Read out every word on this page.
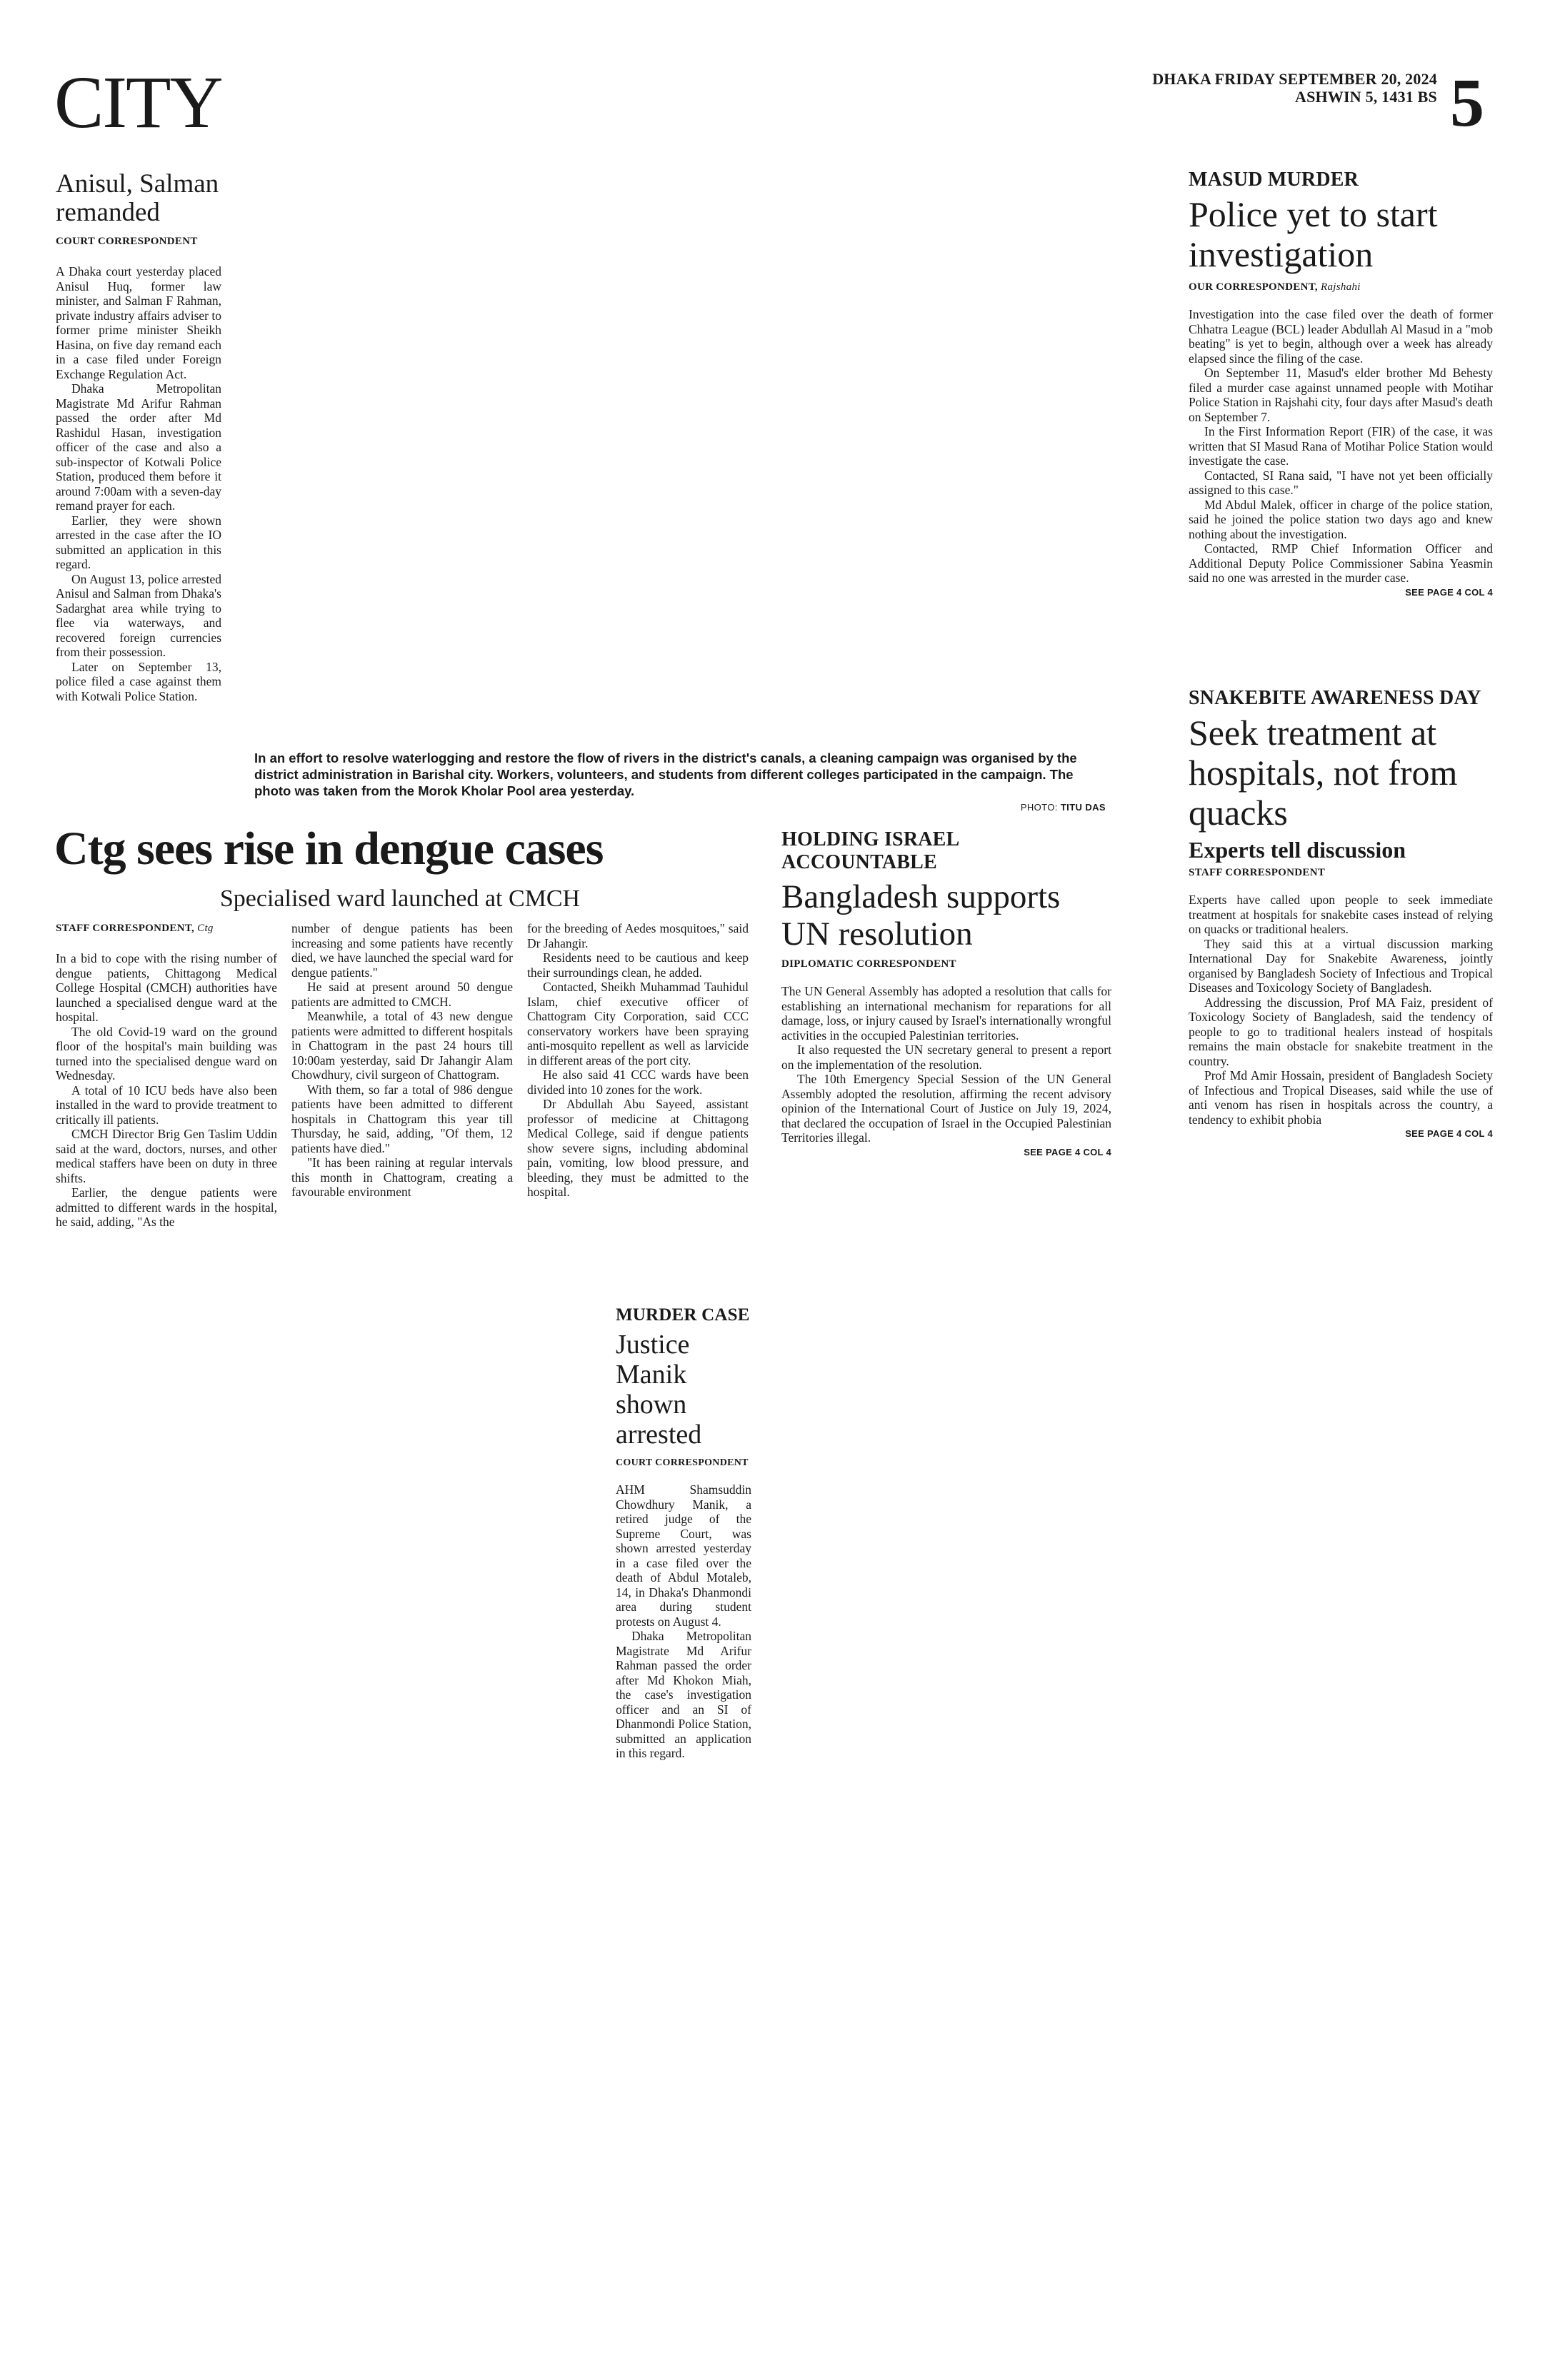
CITY	DHAKA FRIDAY SEPTEMBER 20, 2024
ASHWIN 5, 1431 BS 5
Anisul, Salman remanded
COURT CORRESPONDENT

A Dhaka court yesterday placed Anisul Huq, former law minister, and Salman F Rahman, private industry affairs adviser to former prime minister Sheikh Hasina, on five day remand each in a case filed under Foreign Exchange Regulation Act.

Dhaka Metropolitan Magistrate Md Arifur Rahman passed the order after Md Rashidul Hasan, investigation officer of the case and also a sub-inspector of Kotwali Police Station, produced them before it around 7:00am with a seven-day remand prayer for each.

Earlier, they were shown arrested in the case after the IO submitted an application in this regard.

On August 13, police arrested Anisul and Salman from Dhaka's Sadarghat area while trying to flee via waterways, and recovered foreign currencies from their possession.

Later on September 13, police filed a case against them with Kotwali Police Station.

In an effort to resolve waterlogging and restore the flow of rivers in the district's canals, a cleaning campaign was organised by the district administration in Barishal city. Workers, volunteers, and students from different colleges participated in the campaign. The photo was taken from the Morok Kholar Pool area yesterday.
PHOTO: TITU DAS
MASUD MURDER
Police yet to start investigation
OUR CORRESPONDENT, Rajshahi

Investigation into the case filed over the death of former Chhatra League (BCL) leader Abdullah Al Masud in a "mob beating" is yet to begin, although over a week has already elapsed since the filing of the case.

On September 11, Masud's elder brother Md Behesty filed a murder case against unnamed people with Motihar Police Station in Rajshahi city, four days after Masud's death on September 7.

In the First Information Report (FIR) of the case, it was written that SI Masud Rana of Motihar Police Station would investigate the case.

Contacted, SI Rana said, "I have not yet been officially assigned to this case."

Md Abdul Malek, officer in charge of the police station, said he joined the police station two days ago and knew nothing about the investigation.

Contacted, RMP Chief Information Officer and Additional Deputy Police Commissioner Sabina Yeasmin said no one was arrested in the murder case.

SEE PAGE 4 COL 4
SNAKEBITE AWARENESS DAY
Seek treatment at hospitals, not from quacks
Experts tell discussion
STAFF CORRESPONDENT

Experts have called upon people to seek immediate treatment at hospitals for snakebite cases instead of relying on quacks or traditional healers.

They said this at a virtual discussion marking International Day for Snakebite Awareness, jointly organised by Bangladesh Society of Infectious and Tropical Diseases and Toxicology Society of Bangladesh.

Addressing the discussion, Prof MA Faiz, president of Toxicology Society of Bangladesh, said the tendency of people to go to traditional healers instead of hospitals remains the main obstacle for snakebite treatment in the country.

Prof Md Amir Hossain, president of Bangladesh Society of Infectious and Tropical Diseases, said while the use of anti venom has risen in hospitals across the country, a tendency to exhibit phobia

SEE PAGE 4 COL 4
Ctg sees rise in dengue cases
Specialised ward launched at CMCH
STAFF CORRESPONDENT, Ctg

In a bid to cope with the rising number of dengue patients, Chittagong Medical College Hospital (CMCH) authorities have launched a specialised dengue ward at the hospital.

The old Covid-19 ward on the ground floor of the hospital's main building was turned into the specialised dengue ward on Wednesday.

A total of 10 ICU beds have also been installed in the ward to provide treatment to critically ill patients.

CMCH Director Brig Gen Taslim Uddin said at the ward, doctors, nurses, and other medical staffers have been on duty in three shifts.

Earlier, the dengue patients were admitted to different wards in the hospital, he said, adding, "As the

number of dengue patients has been increasing and some patients have recently died, we have launched the special ward for dengue patients."

He said at present around 50 dengue patients are admitted to CMCH.

Meanwhile, a total of 43 new dengue patients were admitted to different hospitals in Chattogram in the past 24 hours till 10:00am yesterday, said Dr Jahangir Alam Chowdhury, civil surgeon of Chattogram.

With them, so far a total of 986 dengue patients have been admitted to different hospitals in Chattogram this year till Thursday, he said, adding, "Of them, 12 patients have died."

"It has been raining at regular intervals this month in Chattogram, creating a favourable environment

for the breeding of Aedes mosquitoes," said Dr Jahangir.

Residents need to be cautious and keep their surroundings clean, he added.

Contacted, Sheikh Muhammad Tauhidul Islam, chief executive officer of Chattogram City Corporation, said CCC conservatory workers have been spraying anti-mosquito repellent as well as larvicide in different areas of the port city.

He also said 41 CCC wards have been divided into 10 zones for the work.

Dr Abdullah Abu Sayeed, assistant professor of medicine at Chittagong Medical College, said if dengue patients show severe signs, including abdominal pain, vomiting, low blood pressure, and bleeding, they must be admitted to the hospital.

HOLDING ISRAEL ACCOUNTABLE
Bangladesh supports UN resolution
DIPLOMATIC CORRESPONDENT

The UN General Assembly has adopted a resolution that calls for establishing an international mechanism for reparations for all damage, loss, or injury caused by Israel's internationally wrongful activities in the occupied Palestinian territories.

It also requested the UN secretary general to present a report on the implementation of the resolution.

The 10th Emergency Special Session of the UN General Assembly adopted the resolution, affirming the recent advisory opinion of the International Court of Justice on July 19, 2024, that declared the occupation of Israel in the Occupied Palestinian Territories illegal.

SEE PAGE 4 COL 4
MURDER CASE
Justice Manik shown arrested
COURT CORRESPONDENT

AHM Shamsuddin Chowdhury Manik, a retired judge of the Supreme Court, was shown arrested yesterday in a case filed over the death of Abdul Motaleb, 14, in Dhaka's Dhanmondi area during student protests on August 4.

Dhaka Metropolitan Magistrate Md Arifur Rahman passed the order after Md Khokon Miah, the case's investigation officer and an SI of Dhanmondi Police Station, submitted an application in this regard.
